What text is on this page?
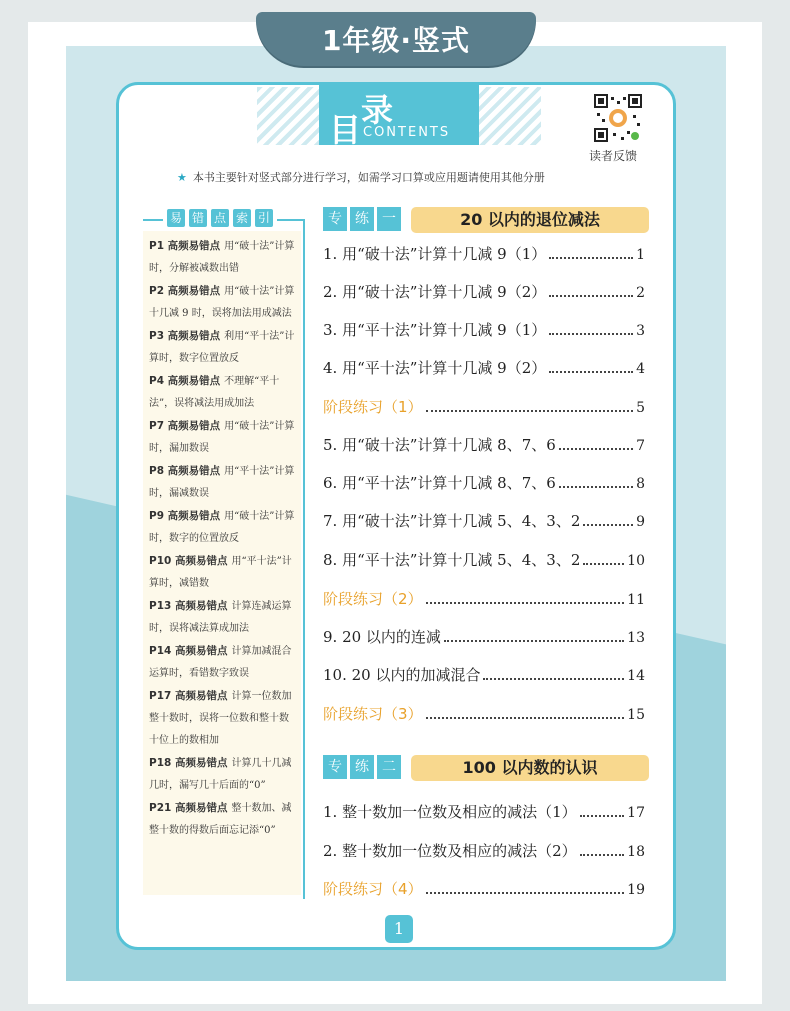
1年级·竖式
目
录
CONTENTS
读者反馈
★ 本书主要针对竖式部分进行学习，如需学习口算或应用题请使用其他分册
易 错 点 索 引
P1 高频易错点 用“破十法”计算时，分解被减数出错
P2 高频易错点 用“破十法”计算十几减 9 时，误将加法用成减法
P3 高频易错点 利用“平十法”计算时，数字位置放反
P4 高频易错点 不理解“平十法”，误将减法用成加法
P7 高频易错点 用“破十法”计算时，漏加数误
P8 高频易错点 用“平十法”计算时，漏减数误
P9 高频易错点 用“破十法”计算时，数字的位置放反
P10 高频易错点 用“平十法”计算时，减错数
P13 高频易错点 计算连减运算时，误将减法算成加法
P14 高频易错点 计算加减混合运算时，看错数字致误
P17 高频易错点 计算一位数加整十数时，误将一位数和整十数十位上的数相加
P18 高频易错点 计算几十几减几时，漏写几十后面的“0”
P21 高频易错点 整十数加、减整十数的得数后面忘记添“0”
专 练 一	20 以内的退位减法
1. 用“破十法”计算十几减 9（1）	1
2. 用“破十法”计算十几减 9（2）	2
3. 用“平十法”计算十几减 9（1）	3
4. 用“平十法”计算十几减 9（2）	4
阶段练习（1）	5
5. 用“破十法”计算十几减 8、7、6	7
6. 用“平十法”计算十几减 8、7、6	8
7. 用“破十法”计算十几减 5、4、3、2	9
8. 用“平十法”计算十几减 5、4、3、2	10
阶段练习（2）	11
9. 20 以内的连减	13
10. 20 以内的加减混合	14
阶段练习（3）	15
专 练 二	100 以内数的认识
1. 整十数加一位数及相应的减法（1）	17
2. 整十数加一位数及相应的减法（2）	18
阶段练习（4）	19
1
